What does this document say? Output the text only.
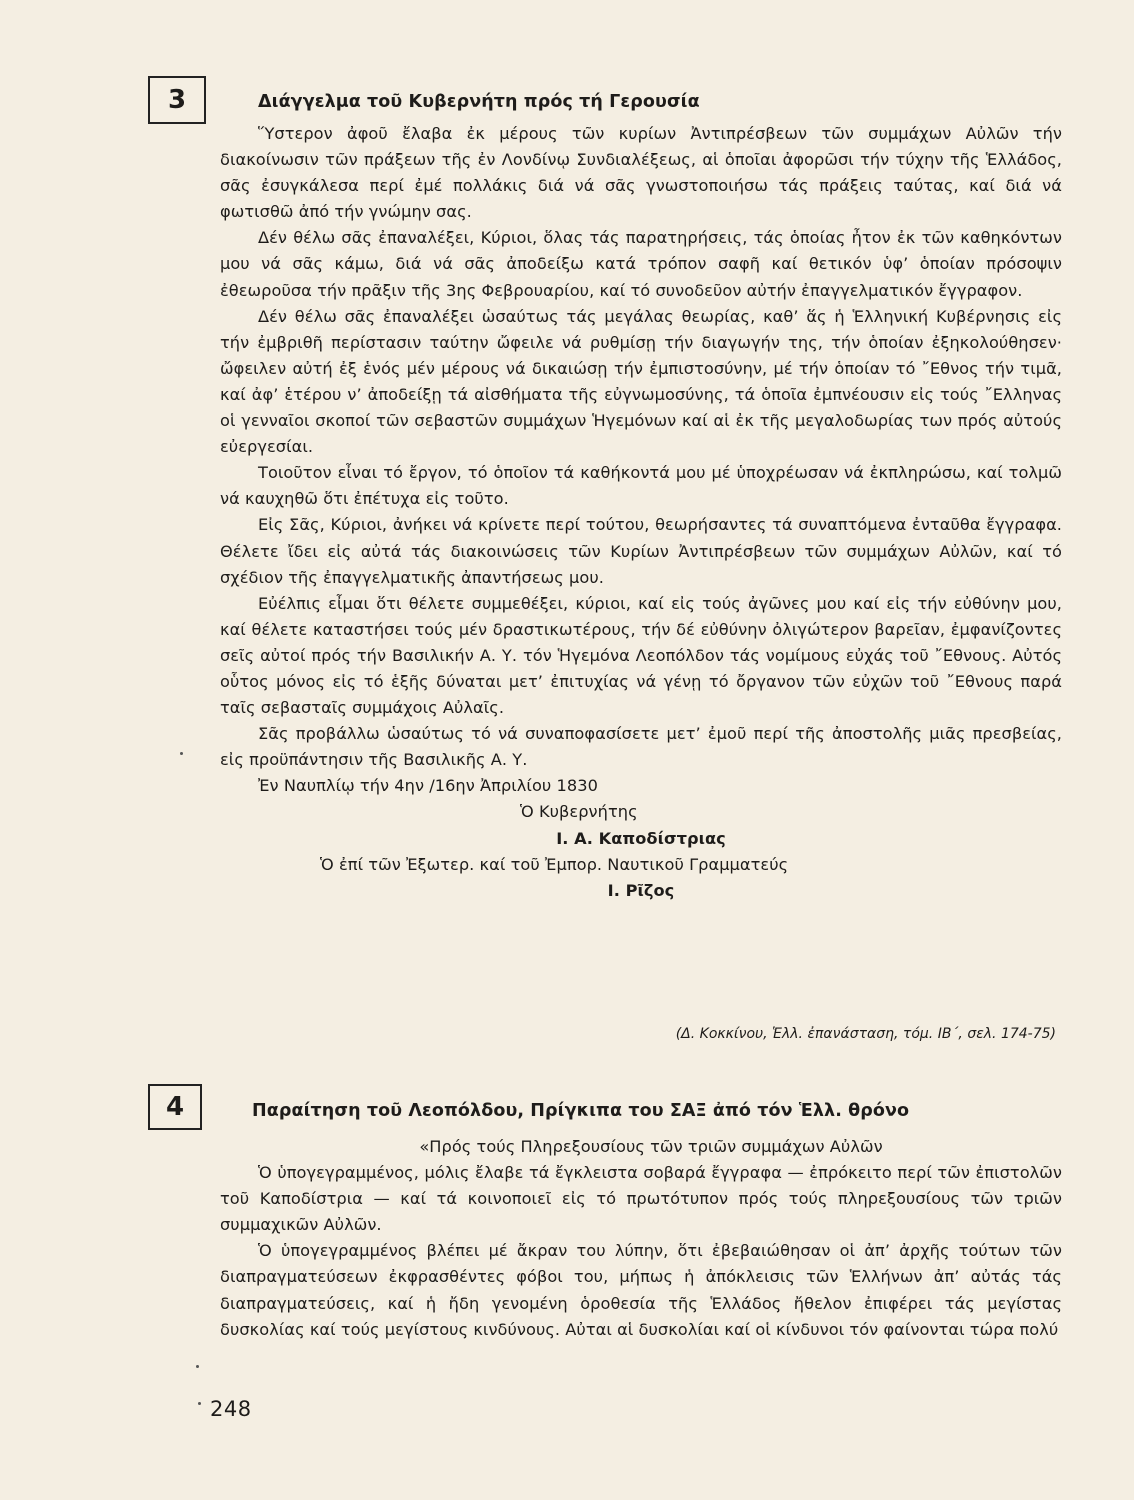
3	Διάγγελμα τοῦ Κυβερνήτη πρός τή Γερουσία

Ὕστερον ἀφοῦ ἔλαβα ἐκ μέρους τῶν κυρίων Ἀντιπρέσβεων τῶν συμμάχων Αὐλῶν τήν διακοίνωσιν τῶν πράξεων τῆς ἐν Λονδίνῳ Συνδιαλέξεως, αἱ ὁποῖαι ἀφορῶσι τήν τύχην τῆς Ἑλλάδος, σᾶς ἐσυγκάλεσα περί ἐμέ πολλάκις διά νά σᾶς γνωστοποιήσω τάς πράξεις ταύτας, καί διά νά φωτισθῶ ἀπό τήν γνώμην σας.

Δέν θέλω σᾶς ἐπαναλέξει, Κύριοι, ὅλας τάς παρατηρήσεις, τάς ὁποίας ἦτον ἐκ τῶν καθηκόντων μου νά σᾶς κάμω, διά νά σᾶς ἀποδείξω κατά τρόπον σαφῆ καί θετικόν ὑφ’ ὁποίαν πρόσοψιν ἐθεωροῦσα τήν πρᾶξιν τῆς 3ης Φεβρουαρίου, καί τό συνοδεῦον αὐτήν ἐπαγγελματικόν ἔγγραφον.

Δέν θέλω σᾶς ἐπαναλέξει ὡσαύτως τάς μεγάλας θεωρίας, καθ’ ἅς ἡ Ἑλληνική Κυβέρνησις εἰς τήν ἐμβριθῆ περίστασιν ταύτην ὤφειλε νά ρυθμίσῃ τήν διαγωγήν της, τήν ὁποίαν ἐξηκολούθησεν· ὤφειλεν αὐτή ἐξ ἑνός μέν μέρους νά δικαιώσῃ τήν ἐμπιστοσύνην, μέ τήν ὁποίαν τό ῎Εθνος τήν τιμᾶ, καί ἀφ’ ἑτέρου ν’ ἀποδείξῃ τά αἰσθήματα τῆς εὐγνωμοσύνης, τά ὁποῖα ἐμπνέουσιν εἰς τούς ῎Ελληνας οἱ γενναῖοι σκοποί τῶν σεβαστῶν συμμάχων Ἡγεμόνων καί αἱ ἐκ τῆς μεγαλοδωρίας των πρός αὐτούς εὐεργεσίαι.

Τοιοῦτον εἶναι τό ἔργον, τό ὁποῖον τά καθήκοντά μου μέ ὑποχρέωσαν νά ἐκπληρώσω, καί τολμῶ νά καυχηθῶ ὅτι ἐπέτυχα εἰς τοῦτο.

Εἰς Σᾶς, Κύριοι, ἀνήκει νά κρίνετε περί τούτου, θεωρήσαντες τά συναπτόμενα ἐνταῦθα ἔγγραφα. Θέλετε ἴδει εἰς αὐτά τάς διακοινώσεις τῶν Κυρίων Ἀντιπρέσβεων τῶν συμμάχων Αὐλῶν, καί τό σχέδιον τῆς ἐπαγγελματικῆς ἀπαντήσεως μου.

Εὐέλπις εἶμαι ὅτι θέλετε συμμεθέξει, κύριοι, καί εἰς τούς ἀγῶνες μου καί εἰς τήν εὐθύνην μου, καί θέλετε καταστήσει τούς μέν δραστικωτέρους, τήν δέ εὐθύνην ὀλιγώτερον βαρεῖαν, ἐμφανίζοντες σεῖς αὐτοί πρός τήν Βασιλικήν Α. Υ. τόν Ἡγεμόνα Λεοπόλδον τάς νομίμους εὐχάς τοῦ ῎Εθνους. Αὐτός οὗτος μόνος εἰς τό ἑξῆς δύναται μετ’ ἐπιτυχίας νά γένῃ τό ὄργανον τῶν εὐχῶν τοῦ ῎Εθνους παρά ταῖς σεβασταῖς συμμάχοις Αὐλαῖς.

Σᾶς προβάλλω ὡσαύτως τό νά συναποφασίσετε μετ’ ἐμοῦ περί τῆς ἀποστολῆς μιᾶς πρεσβείας, εἰς προϋπάντησιν τῆς Βασιλικῆς Α. Υ.

Ἐν Ναυπλίῳ τήν 4ην /16ην Ἀπριλίου 1830

Ὁ Κυβερνήτης

Ι. Α. Καποδίστριας

Ὁ ἐπί τῶν Ἐξωτερ. καί τοῦ Ἐμπορ. Ναυτικοῦ Γραμματεύς

Ι. Ρῖζος

(Δ. Κοκκίνου, Ἑλλ. ἐπανάσταση, τόμ. ΙΒ΄, σελ. 174-75)
4	Παραίτηση τοῦ Λεοπόλδου, Πρίγκιπα του ΣΑΞ ἀπό τόν Ἑλλ. θρόνο

«Πρός τούς Πληρεξουσίους τῶν τριῶν συμμάχων Αὐλῶν

Ὁ ὑπογεγραμμένος, μόλις ἔλαβε τά ἔγκλειστα σοβαρά ἔγγραφα — ἐπρόκειτο περί τῶν ἐπιστολῶν τοῦ Καποδίστρια — καί τά κοινοποιεῖ εἰς τό πρωτότυπον πρός τούς πληρεξουσίους τῶν τριῶν συμμαχικῶν Αὐλῶν.

Ὁ ὑπογεγραμμένος βλέπει μέ ἄκραν του λύπην, ὅτι ἐβεβαιώθησαν οἱ ἀπ’ ἀρχῆς τούτων τῶν διαπραγματεύσεων ἐκφρασθέντες φόβοι του, μήπως ἡ ἀπόκλεισις τῶν Ἑλλήνων ἀπ’ αὐτάς τάς διαπραγματεύσεις, καί ἡ ἤδη γενομένη ὁροθεσία τῆς Ἑλλάδος ἤθελον ἐπιφέρει τάς μεγίστας δυσκολίας καί τούς μεγίστους κινδύνους. Αὐται αἱ δυσκολίαι καί οἱ κίνδυνοι τόν φαίνονται τώρα πολύ

248
